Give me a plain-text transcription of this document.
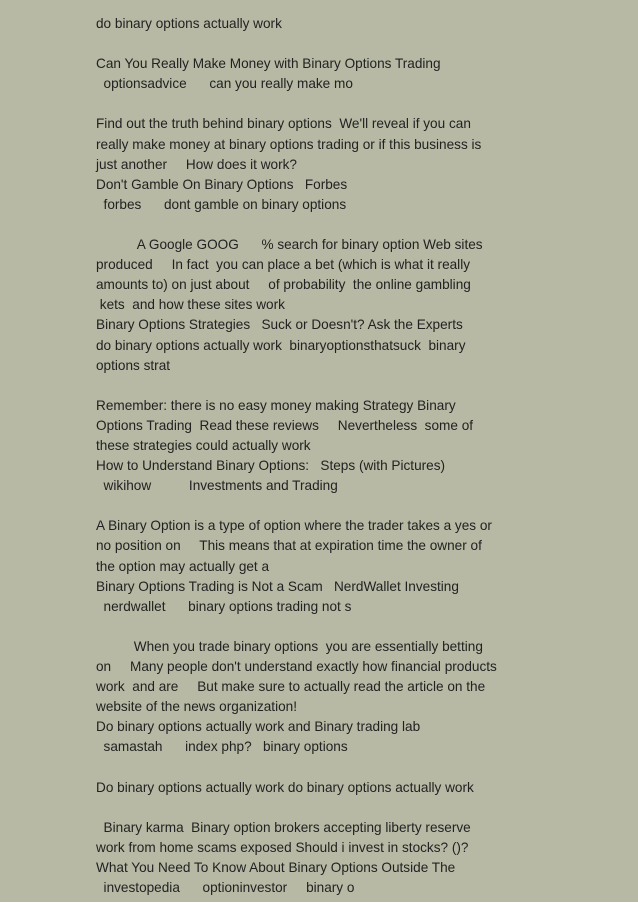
do binary options actually work
Can You Really Make Money with Binary Options Trading
optionsadvice      can you really make mo
Find out the truth behind binary options  We'll reveal if you can
really make money at binary options trading or if this business is
just another     How does it work?
Don't Gamble On Binary Options   Forbes
forbes      dont gamble on binary options
A Google GOOG      % search for binary option Web sites
produced     In fact  you can place a bet (which is what it really
amounts to) on just about     of probability  the online gambling
kets  and how these sites work
Binary Options Strategies   Suck or Doesn't? Ask the Experts
do binary options actually work  binaryoptionsthatsuck  binary
options strat
Remember: there is no easy money making Strategy Binary
Options Trading  Read these reviews     Nevertheless  some of
these strategies could actually work
How to Understand Binary Options:   Steps (with Pictures)
wikihow          Investments and Trading
A Binary Option is a type of option where the trader takes a yes or
no position on     This means that at expiration time the owner of
the option may actually get a
Binary Options Trading is Not a Scam   NerdWallet Investing
nerdwallet      binary options trading not s
When you trade binary options  you are essentially betting
on     Many people don't understand exactly how financial products
work  and are     But make sure to actually read the article on the
website of the news organization!
Do binary options actually work and Binary trading lab
samastah      index php?   binary options
Do binary options actually work do binary options actually work
Binary karma  Binary option brokers accepting liberty reserve
work from home scams exposed Should i invest in stocks? ()?
What You Need To Know About Binary Options Outside The
investopedia      optioninvestor     binary o
